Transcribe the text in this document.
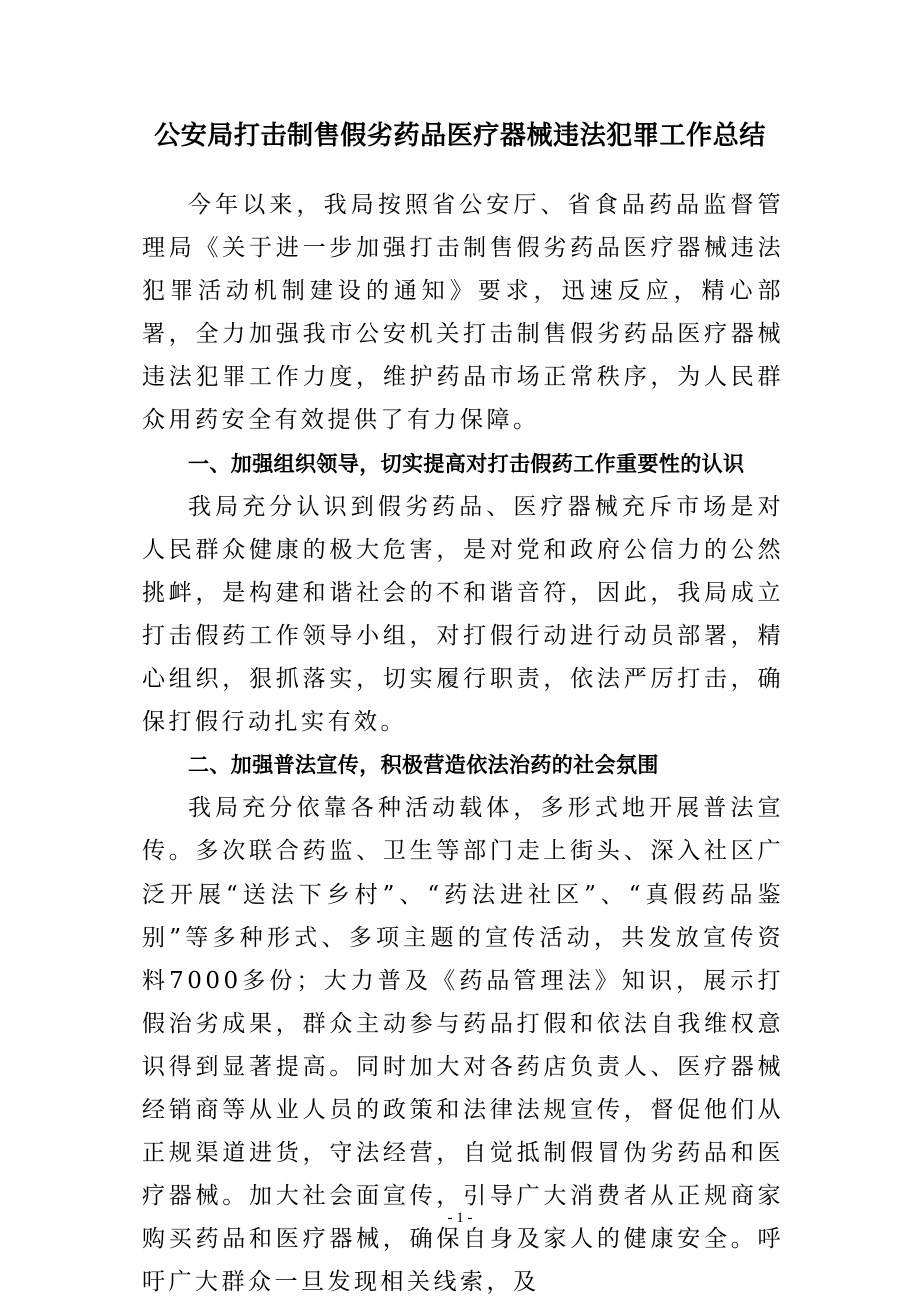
公安局打击制售假劣药品医疗器械违法犯罪工作总结

今年以来，我局按照省公安厅、省食品药品监督管理局《关于进一步加强打击制售假劣药品医疗器械违法犯罪活动机制建设的通知》要求，迅速反应，精心部署，全力加强我市公安机关打击制售假劣药品医疗器械违法犯罪工作力度，维护药品市场正常秩序，为人民群众用药安全有效提供了有力保障。

一、加强组织领导，切实提高对打击假药工作重要性的认识

我局充分认识到假劣药品、医疗器械充斥市场是对人民群众健康的极大危害，是对党和政府公信力的公然挑衅，是构建和谐社会的不和谐音符，因此，我局成立打击假药工作领导小组，对打假行动进行动员部署，精心组织，狠抓落实，切实履行职责，依法严厉打击，确保打假行动扎实有效。

二、加强普法宣传，积极营造依法治药的社会氛围

我局充分依靠各种活动载体，多形式地开展普法宣传。多次联合药监、卫生等部门走上街头、深入社区广泛开展“送法下乡村”、“药法进社区”、“真假药品鉴别”等多种形式、多项主题的宣传活动，共发放宣传资料7000多份；大力普及《药品管理法》知识，展示打假治劣成果，群众主动参与药品打假和依法自我维权意识得到显著提高。同时加大对各药店负责人、医疗器械经销商等从业人员的政策和法律法规宣传，督促他们从正规渠道进货，守法经营，自觉抵制假冒伪劣药品和医疗器械。加大社会面宣传，引导广大消费者从正规商家购买药品和医疗器械，确保自身及家人的健康安全。呼吁广大群众一旦发现相关线索，及

- 1 -
